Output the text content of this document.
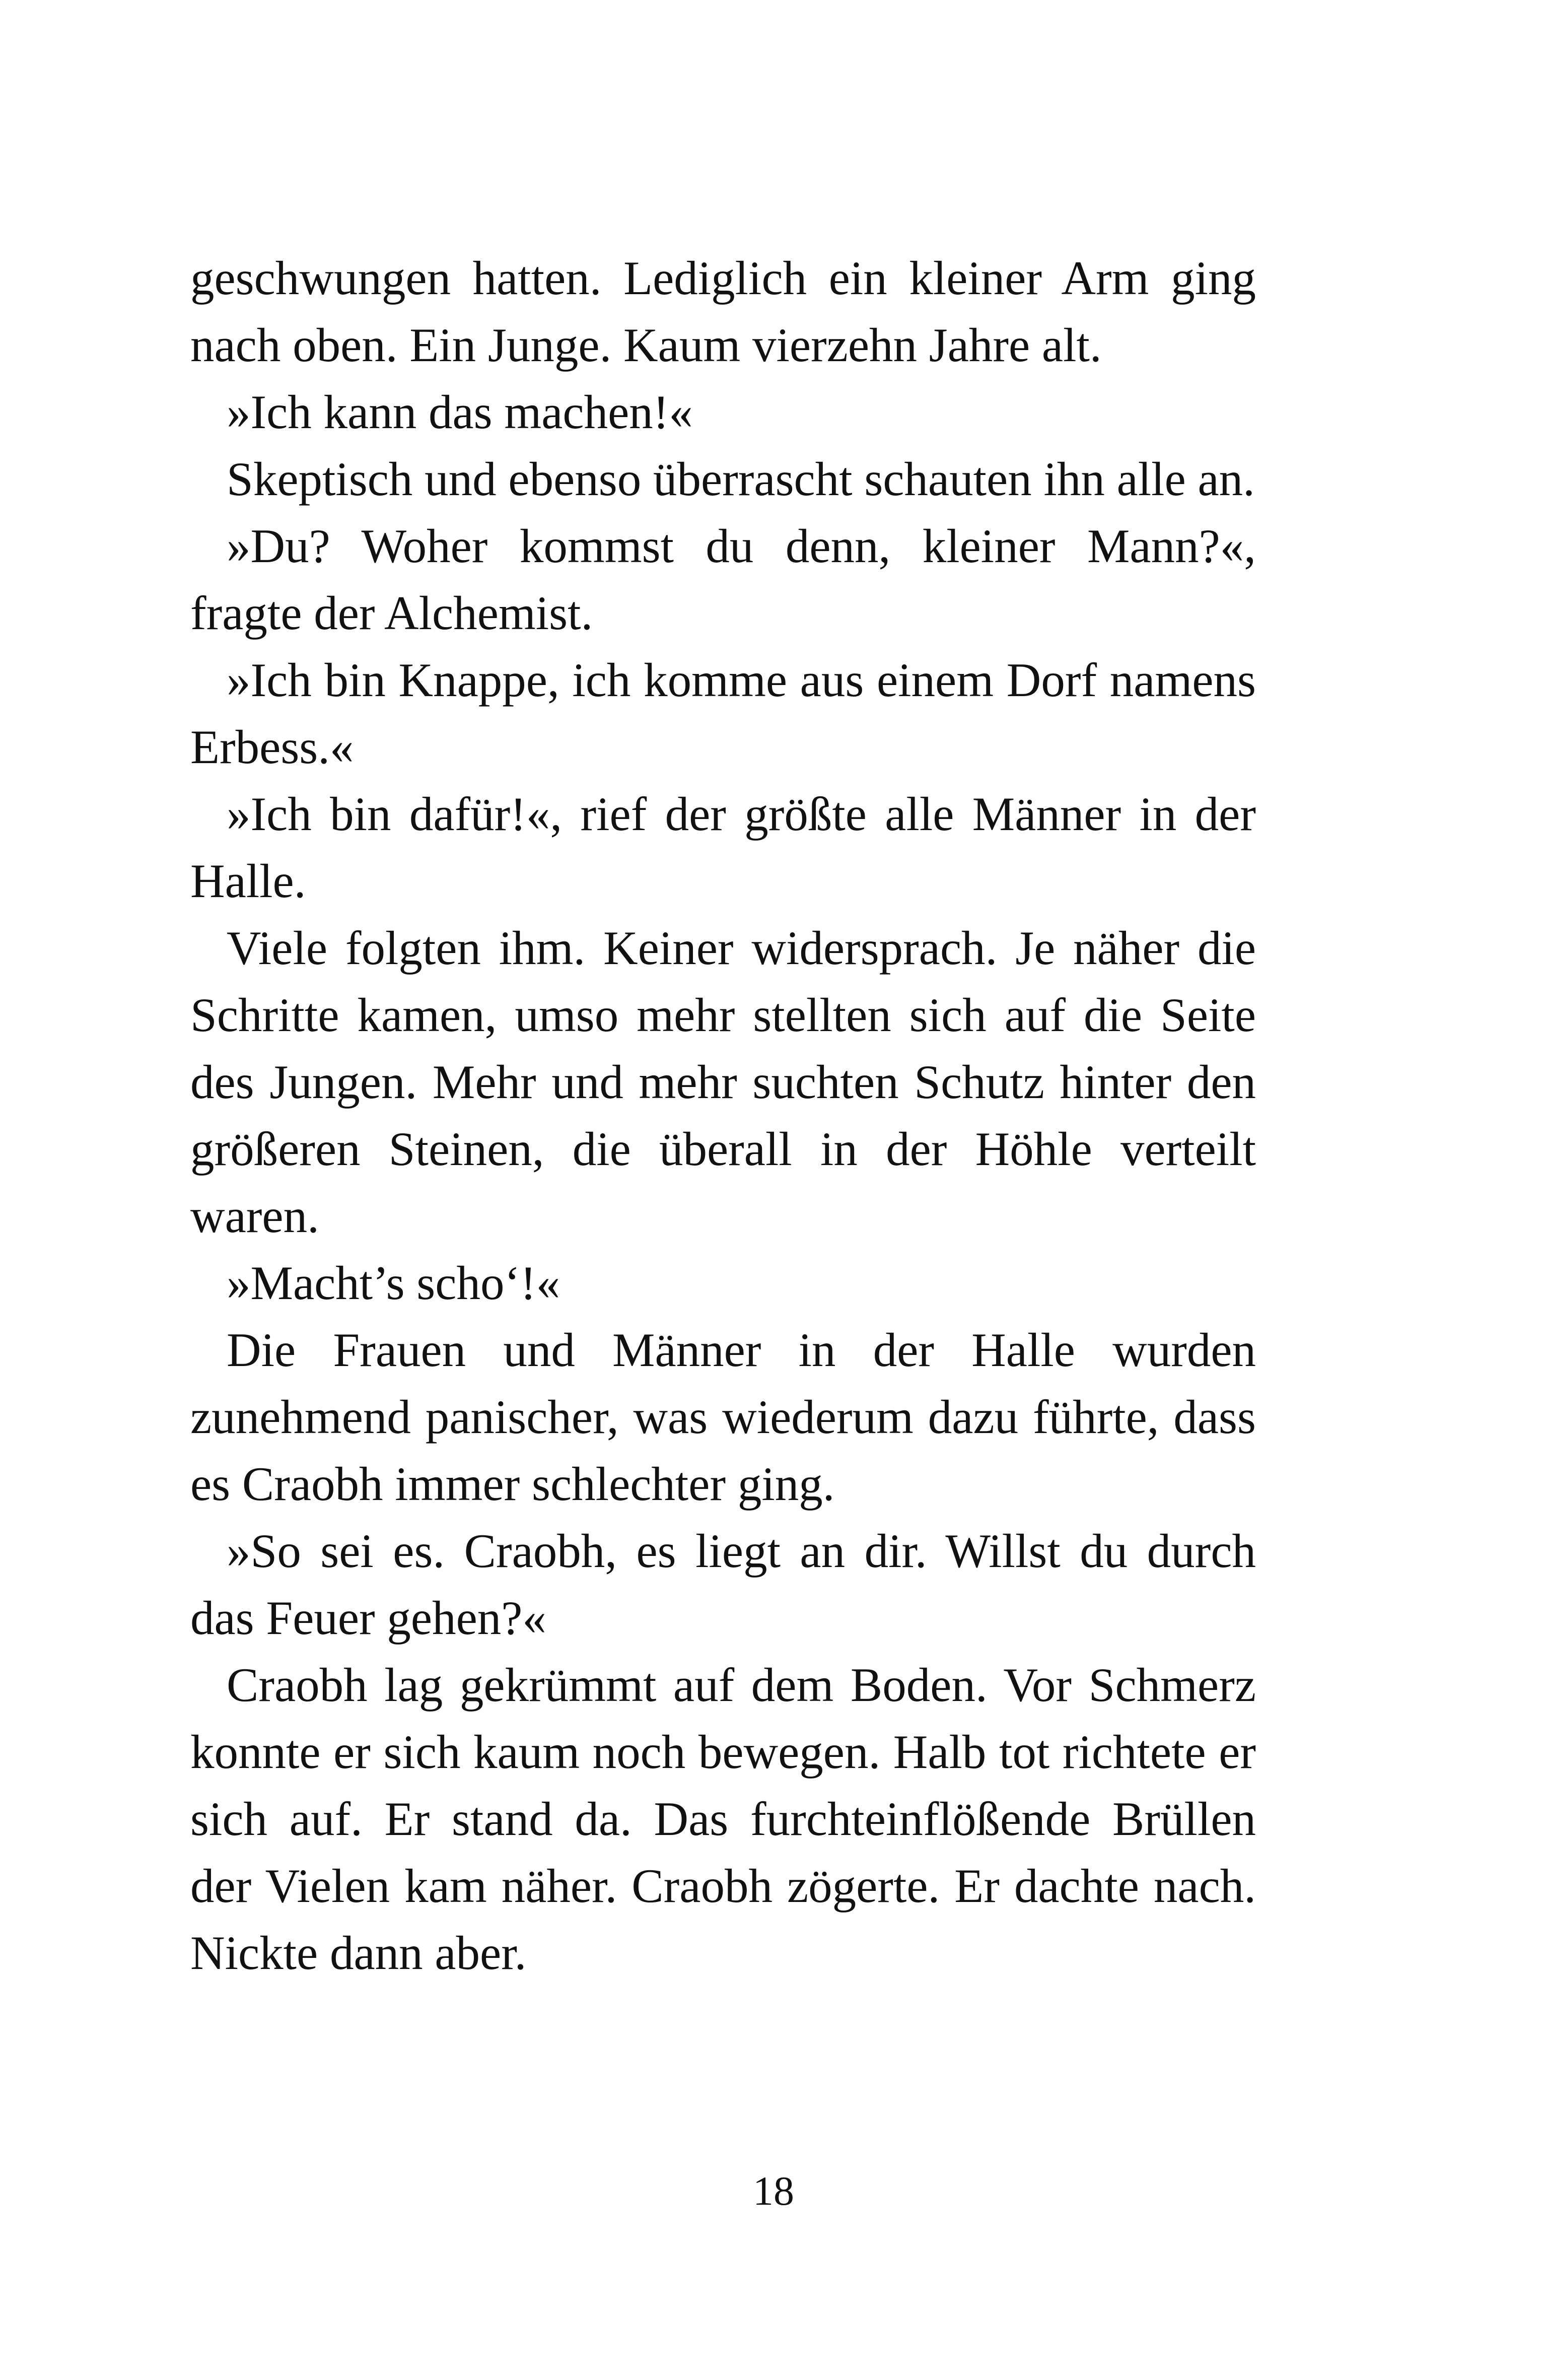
geschwungen hatten. Lediglich ein kleiner Arm ging nach oben. Ein Junge. Kaum vierzehn Jahre alt.

»Ich kann das machen!«

Skeptisch und ebenso überrascht schauten ihn alle an.

»Du? Woher kommst du denn, kleiner Mann?«, fragte der Alchemist.

»Ich bin Knappe, ich komme aus einem Dorf namens Erbess.«

»Ich bin dafür!«, rief der größte alle Männer in der Halle.

Viele folgten ihm. Keiner widersprach. Je näher die Schritte kamen, umso mehr stellten sich auf die Seite des Jungen. Mehr und mehr suchten Schutz hinter den größeren Steinen, die überall in der Höhle verteilt waren.

»Macht’s scho‘!«

Die Frauen und Männer in der Halle wurden zunehmend panischer, was wiederum dazu führte, dass es Craobh immer schlechter ging.

»So sei es. Craobh, es liegt an dir. Willst du durch das Feuer gehen?«

Craobh lag gekrümmt auf dem Boden. Vor Schmerz konnte er sich kaum noch bewegen. Halb tot richtete er sich auf. Er stand da. Das furchteinflößende Brüllen der Vielen kam näher. Craobh zögerte. Er dachte nach. Nickte dann aber.

18
